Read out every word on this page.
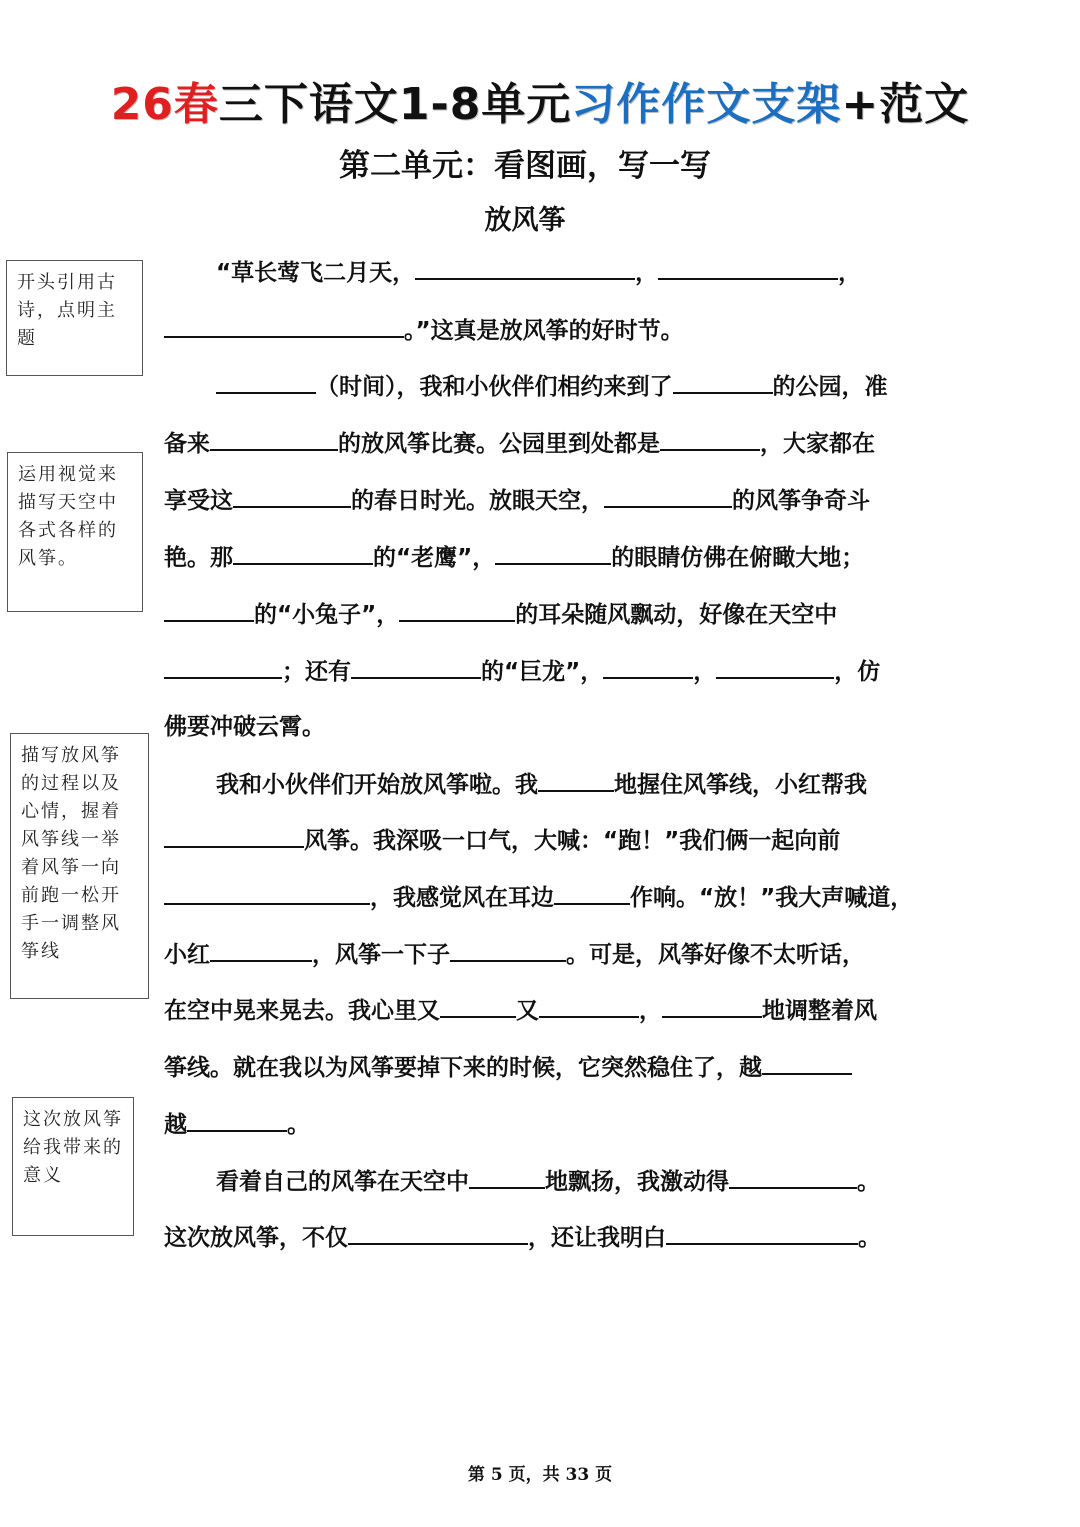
26春三下语文1-8单元习作作文支架+范文
第二单元：看图画，写一写
放风筝
开头引用古诗，点明主题
运用视觉来描写天空中各式各样的风筝。
描写放风筝的过程以及心情，握着风筝线一举着风筝一向前跑一松开手一调整风筝线
这次放风筝给我带来的意义
“草长莺飞二月天，	，	，
。”这真是放风筝的好时节。
（时间），我和小伙伴们相约来到了	的公园，准
备来	的放风筝比赛。公园里到处都是	，大家都在
享受这	的春日时光。放眼天空，	的风筝争奇斗
艳。那	的“老鹰”，	的眼睛仿佛在俯瞰大地；
的“小兔子”，	的耳朵随风飘动，好像在天空中
；还有	的“巨龙”，	，	，仿
佛要冲破云霄。
我和小伙伴们开始放风筝啦。我	地握住风筝线，小红帮我
风筝。我深吸一口气，大喊：“跑！”我们俩一起向前
，我感觉风在耳边	作响。“放！”我大声喊道，
小红	，风筝一下子	。可是，风筝好像不太听话，
在空中晃来晃去。我心里又	又	，	地调整着风
筝线。就在我以为风筝要掉下来的时候，它突然稳住了，越
越	。
看着自己的风筝在天空中	地飘扬，我激动得	。
这次放风筝，不仅	，还让我明白	。
第 5 页，共 33 页
